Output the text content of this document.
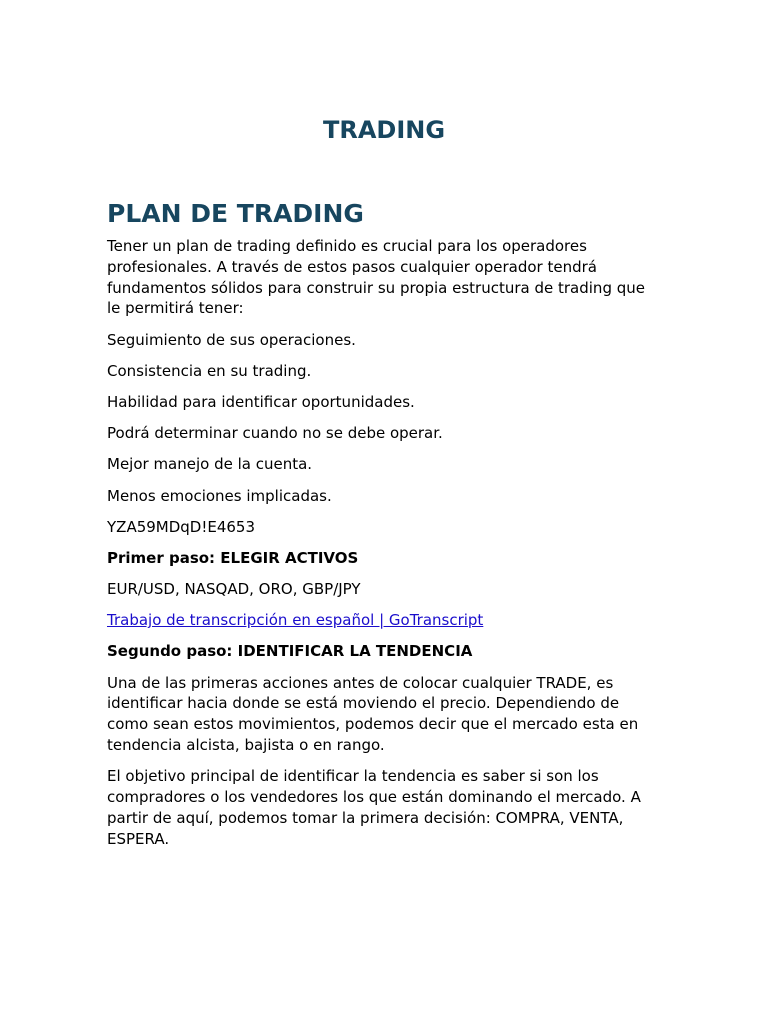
TRADING
PLAN DE TRADING

Tener un plan de trading definido es crucial para los operadores profesionales. A través de estos pasos cualquier operador tendrá fundamentos sólidos para construir su propia estructura de trading que le permitirá tener:

Seguimiento de sus operaciones.

Consistencia en su trading.

Habilidad para identificar oportunidades.

Podrá determinar cuando no se debe operar.

Mejor manejo de la cuenta.

Menos emociones implicadas.

YZA59MDqD!E4653

Primer paso: ELEGIR ACTIVOS

EUR/USD, NASQAD, ORO, GBP/JPY

Trabajo de transcripción en español | GoTranscript

Segundo paso: IDENTIFICAR LA TENDENCIA

Una de las primeras acciones antes de colocar cualquier TRADE, es identificar hacia donde se está moviendo el precio. Dependiendo de como sean estos movimientos, podemos decir que el mercado esta en tendencia alcista, bajista o en rango.

El objetivo principal de identificar la tendencia es saber si son los compradores o los vendedores los que están dominando el mercado. A partir de aquí, podemos tomar la primera decisión: COMPRA, VENTA, ESPERA.
